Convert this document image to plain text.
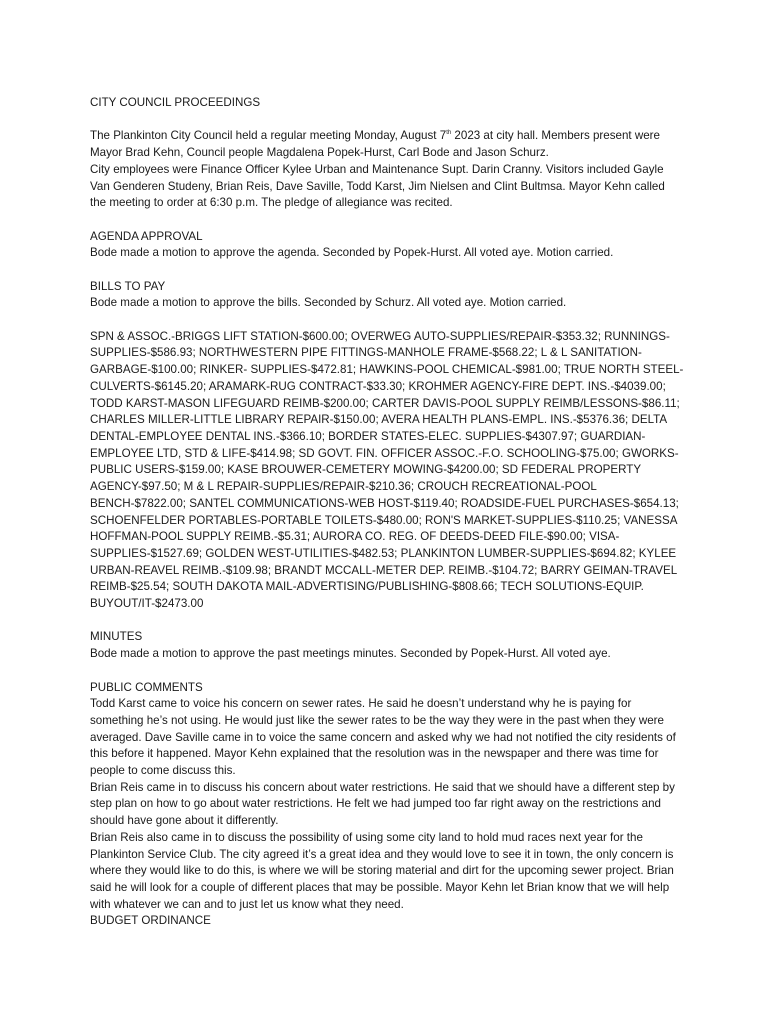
CITY COUNCIL PROCEEDINGS

The Plankinton City Council held a regular meeting Monday, August 7th 2023 at city hall. Members present were Mayor Brad Kehn, Council people Magdalena Popek-Hurst, Carl Bode and Jason Schurz.

City employees were Finance Officer Kylee Urban and Maintenance Supt. Darin Cranny. Visitors included Gayle Van Genderen Studeny, Brian Reis, Dave Saville, Todd Karst, Jim Nielsen and Clint Bultmsa. Mayor Kehn called the meeting to order at 6:30 p.m. The pledge of allegiance was recited.

AGENDA APPROVAL

Bode made a motion to approve the agenda. Seconded by Popek-Hurst. All voted aye. Motion carried.

BILLS TO PAY

Bode made a motion to approve the bills. Seconded by Schurz. All voted aye. Motion carried.

SPN & ASSOC.-BRIGGS LIFT STATION-$600.00; OVERWEG AUTO-SUPPLIES/REPAIR-$353.32; RUNNINGS-SUPPLIES-$586.93; NORTHWESTERN PIPE FITTINGS-MANHOLE FRAME-$568.22; L & L SANITATION-GARBAGE-$100.00; RINKER- SUPPLIES-$472.81; HAWKINS-POOL CHEMICAL-$981.00; TRUE NORTH STEEL-CULVERTS-$6145.20; ARAMARK-RUG CONTRACT-$33.30; KROHMER AGENCY-FIRE DEPT. INS.-$4039.00; TODD KARST-MASON LIFEGUARD REIMB-$200.00; CARTER DAVIS-POOL SUPPLY REIMB/LESSONS-$86.11; CHARLES MILLER-LITTLE LIBRARY REPAIR-$150.00; AVERA HEALTH PLANS-EMPL. INS.-$5376.36; DELTA DENTAL-EMPLOYEE DENTAL INS.-$366.10; BORDER STATES-ELEC. SUPPLIES-$4307.97; GUARDIAN-EMPLOYEE LTD, STD & LIFE-$414.98; SD GOVT. FIN. OFFICER ASSOC.-F.O. SCHOOLING-$75.00; GWORKS-PUBLIC USERS-$159.00; KASE BROUWER-CEMETERY MOWING-$4200.00; SD FEDERAL PROPERTY AGENCY-$97.50; M & L REPAIR-SUPPLIES/REPAIR-$210.36; CROUCH RECREATIONAL-POOL BENCH-$7822.00; SANTEL COMMUNICATIONS-WEB HOST-$119.40; ROADSIDE-FUEL PURCHASES-$654.13; SCHOENFELDER PORTABLES-PORTABLE TOILETS-$480.00; RON'S MARKET-SUPPLIES-$110.25; VANESSA HOFFMAN-POOL SUPPLY REIMB.-$5.31; AURORA CO. REG. OF DEEDS-DEED FILE-$90.00; VISA-SUPPLIES-$1527.69; GOLDEN WEST-UTILITIES-$482.53; PLANKINTON LUMBER-SUPPLIES-$694.82; KYLEE URBAN-REAVEL REIMB.-$109.98; BRANDT MCCALL-METER DEP. REIMB.-$104.72; BARRY GEIMAN-TRAVEL REIMB-$25.54; SOUTH DAKOTA MAIL-ADVERTISING/PUBLISHING-$808.66; TECH SOLUTIONS-EQUIP. BUYOUT/IT-$2473.00

MINUTES

Bode made a motion to approve the past meetings minutes. Seconded by Popek-Hurst. All voted aye.

PUBLIC COMMENTS

Todd Karst came to voice his concern on sewer rates. He said he doesn’t understand why he is paying for something he’s not using. He would just like the sewer rates to be the way they were in the past when they were averaged. Dave Saville came in to voice the same concern and asked why we had not notified the city residents of this before it happened. Mayor Kehn explained that the resolution was in the newspaper and there was time for people to come discuss this.

Brian Reis came in to discuss his concern about water restrictions. He said that we should have a different step by step plan on how to go about water restrictions. He felt we had jumped too far right away on the restrictions and should have gone about it differently.

Brian Reis also came in to discuss the possibility of using some city land to hold mud races next year for the Plankinton Service Club. The city agreed it’s a great idea and they would love to see it in town, the only concern is where they would like to do this, is where we will be storing material and dirt for the upcoming sewer project. Brian said he will look for a couple of different places that may be possible. Mayor Kehn let Brian know that we will help with whatever we can and to just let us know what they need.

BUDGET ORDINANCE
